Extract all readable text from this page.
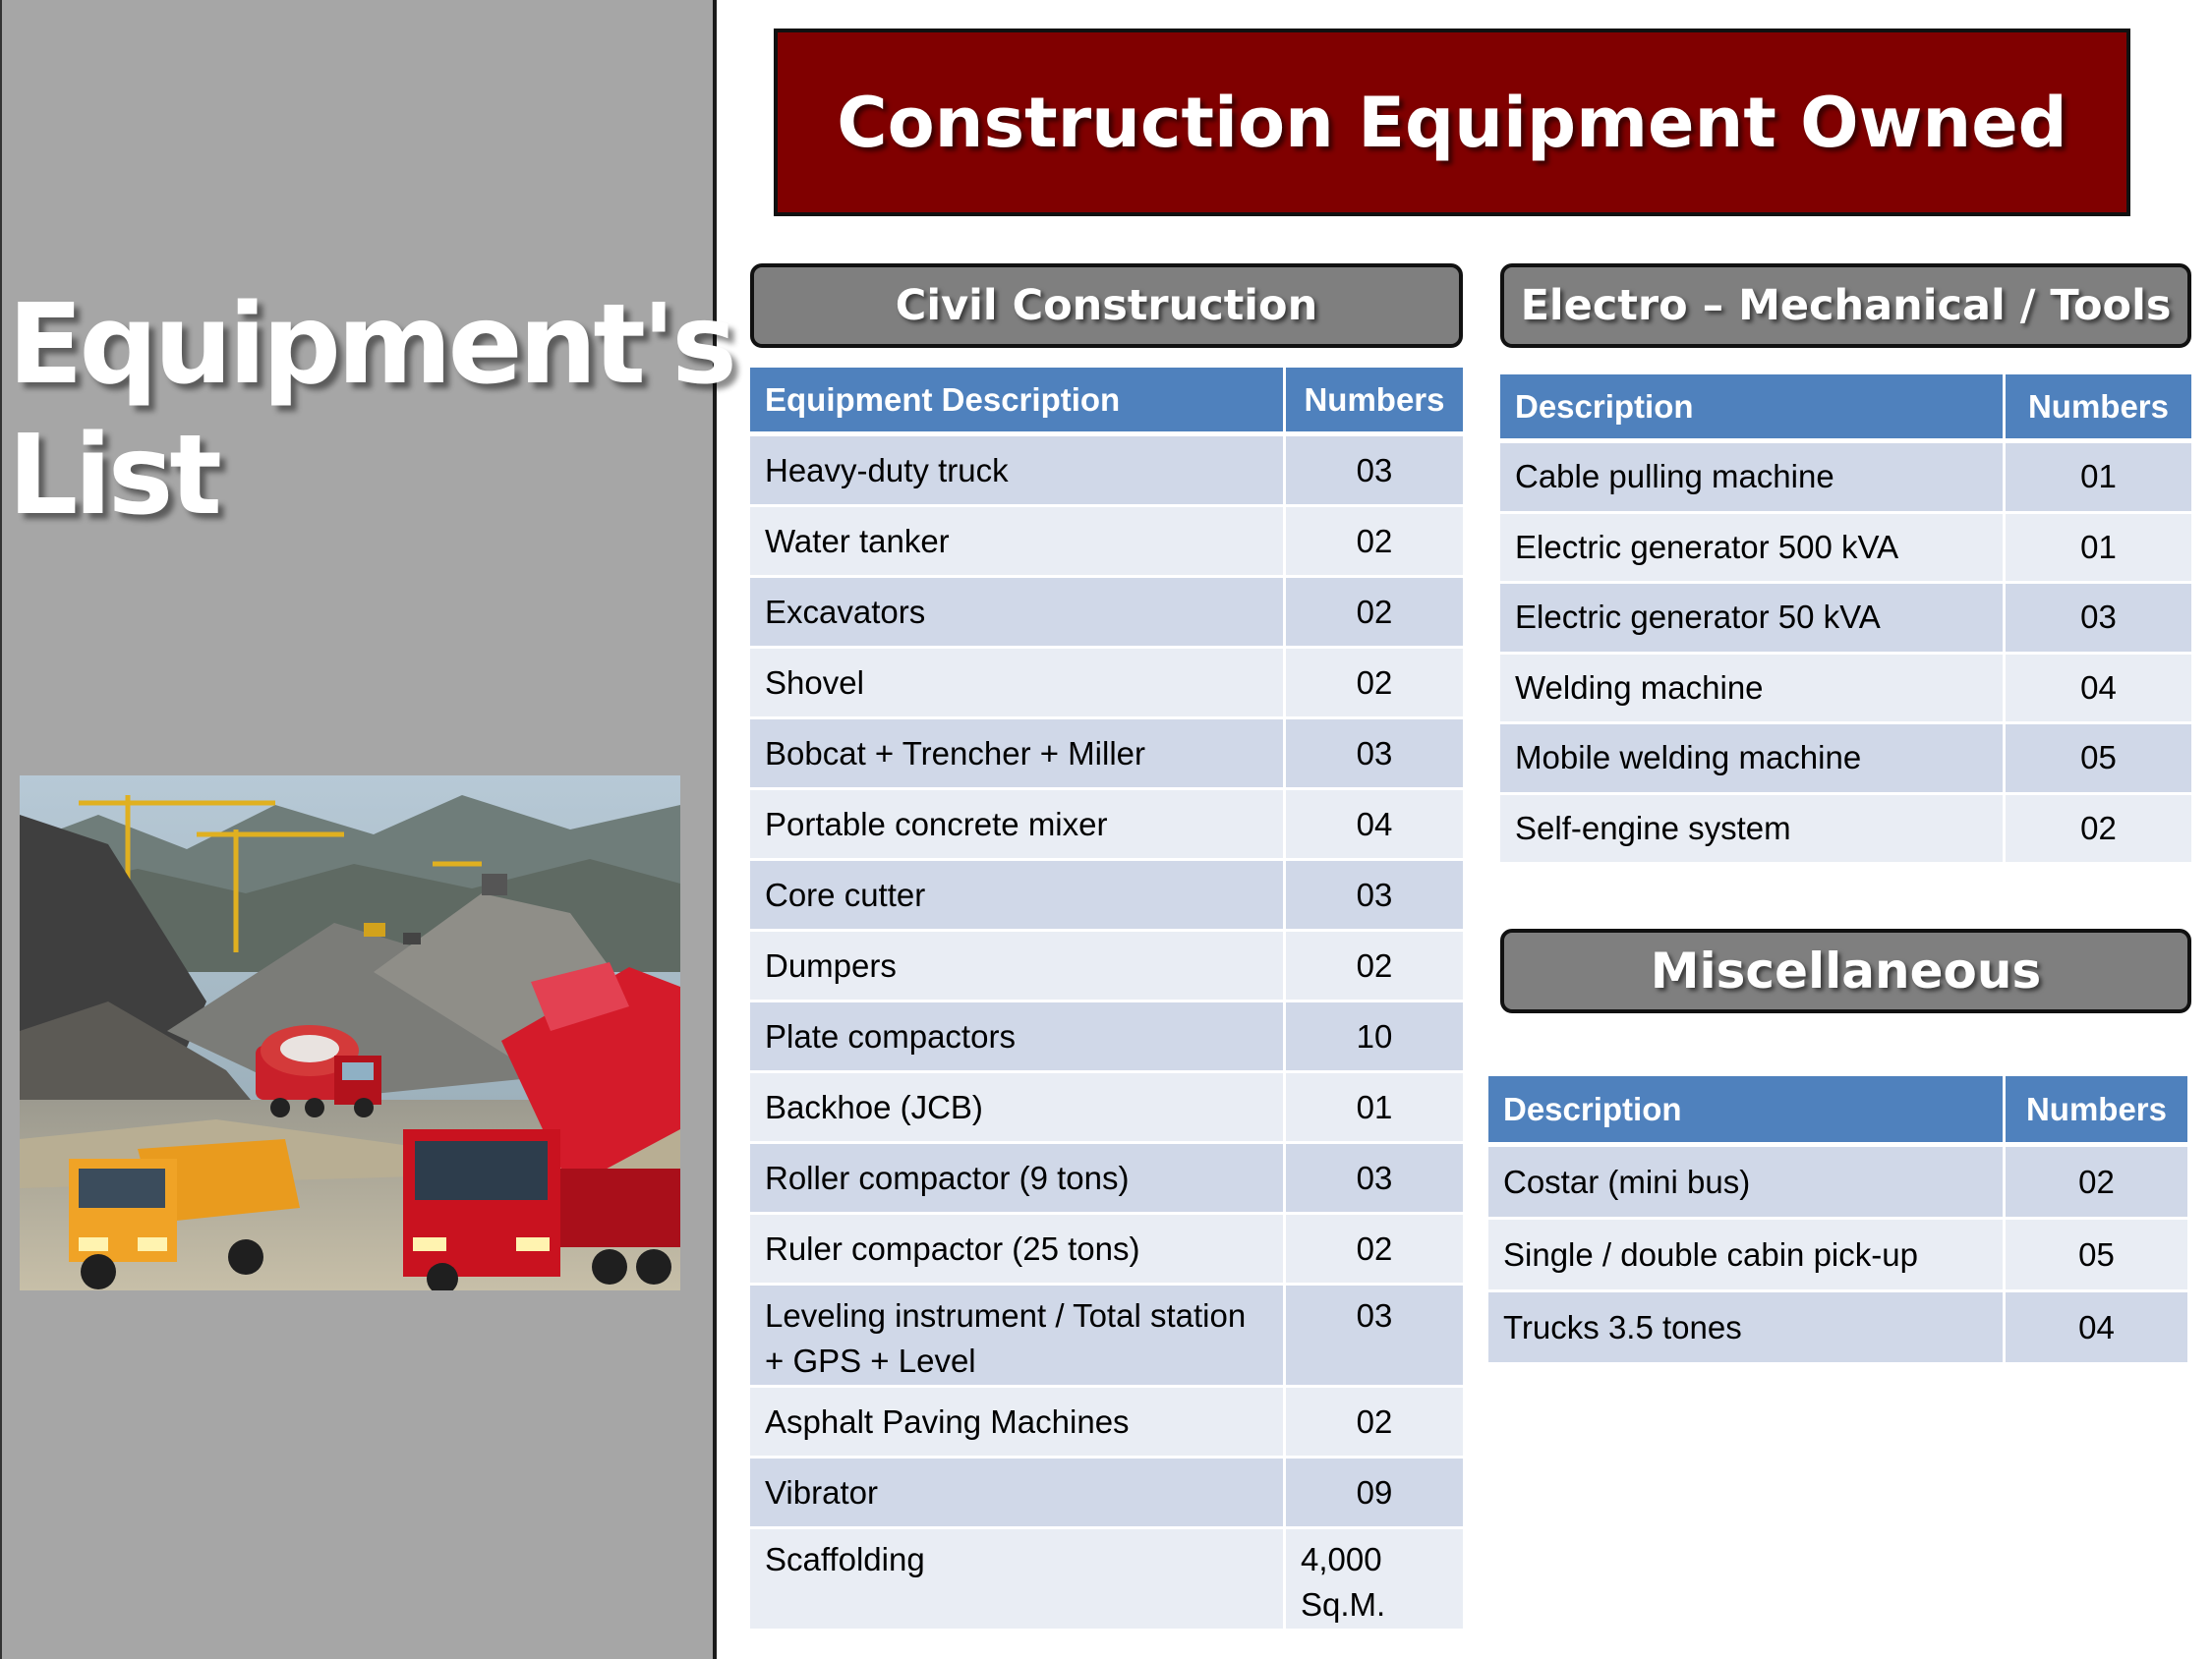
Equipment's
List
Construction Equipment Owned
Civil Construction
Equipment Description	Numbers
Heavy-duty truck	03
Water tanker	02
Excavators	02
Shovel	02
Bobcat + Trencher + Miller	03
Portable concrete mixer	04
Core cutter	03
Dumpers	02
Plate compactors	10
Backhoe (JCB)	01
Roller compactor (9 tons)	03
Ruler compactor (25 tons)	02
Leveling instrument / Total station + GPS + Level	03
Asphalt Paving Machines	02
Vibrator	09
Scaffolding	4,000 Sq.M.
Electro – Mechanical / Tools
Description	Numbers
Cable pulling machine	01
Electric generator 500 kVA	01
Electric generator 50 kVA	03
Welding machine	04
Mobile welding machine	05
Self-engine system	02
Miscellaneous
Description	Numbers
Costar (mini bus)	02
Single / double cabin pick-up	05
Trucks 3.5 tones	04
